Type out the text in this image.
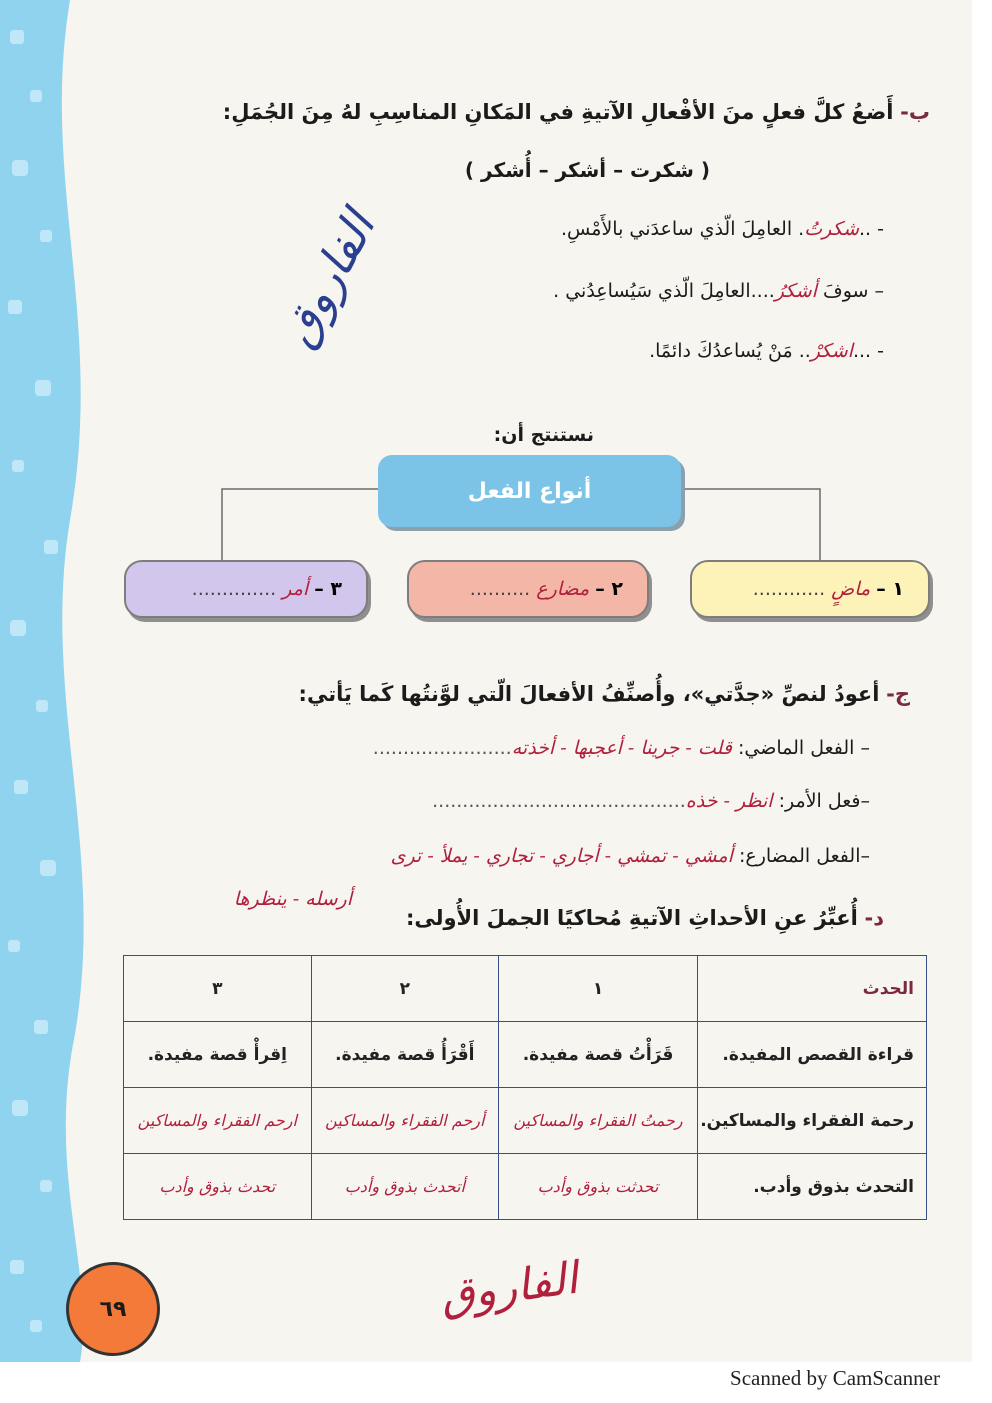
ب- أَضعُ كلَّ فعلٍ منَ الأفْعالِ الآتيةِ في المَكانِ المناسِبِ لهُ مِنَ الجُمَلِ:
( شكرت – أشكر – أُشكر )
- ..شكرتُ. العامِلَ الّذي ساعدَني بالأَمْسِ.
– سوفَ أشكرُ....العامِلَ الّذي سَيُساعِدُني .
- ...اشكرْ.. مَنْ يُساعدُكَ دائمًا.
الفاروق
نستنتج أن:
أنواع الفعل
١ –

ماضٍ

............
٢ –

مضارع

..........
٣ –

أمر

..............
ج- أعودُ لنصِّ «جدَّتي»، وأُصنِّفُ الأفعالَ الّتي لوَّنتُها كَما يَأتي:
– الفعل الماضي: قلت - جرينا - أعجبها - أخذته.......................
–فعل الأمر: انظر - خذه..........................................
–الفعل المضارع: أمشي - تمشي - أجاري - تجاري - يملأ - ترى
أرسله - ينظرها
د- أُعبِّرُ عنِ الأحداثِ الآتيةِ مُحاكيًا الجملَ الأُولى:
الحدث	١	٢	٣
قراءة القصص المفيدة.	قَرَأْتُ قصة مفيدة.	أَقْرَأُ قصة مفيدة.	اِقرأْ قصة مفيدة.
رحمة الفقراء والمساكين.	رحمتُ الفقراء والمساكين	أرحم الفقراء والمساكين	ارحم الفقراء والمساكين

التحدث بذوق وأدب.	تحدثت بذوق وأدب	أتحدث بذوق وأدب	تحدث بذوق وأدب
٦٩	الفاروق
Scanned by CamScanner
